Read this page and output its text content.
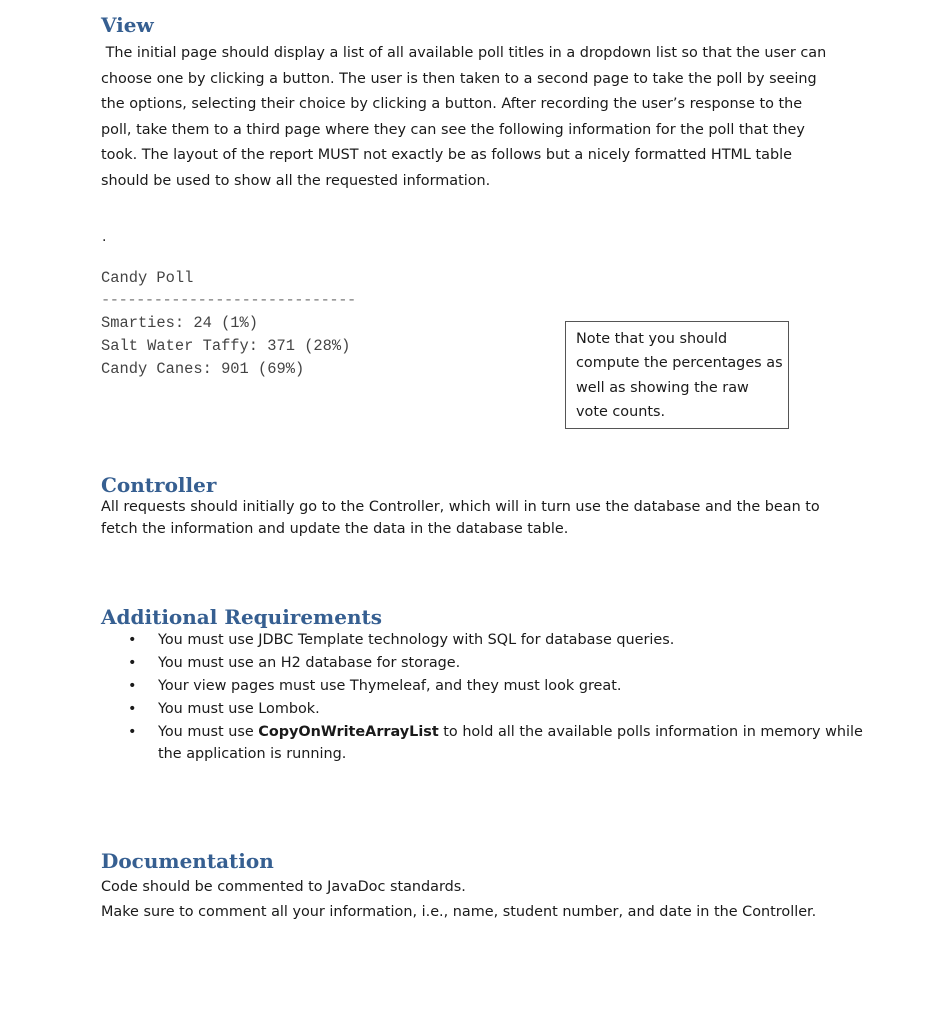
View

The initial page should display a list of all available poll titles in a dropdown list so that the user can
choose one by clicking a button. The user is then taken to a second page to take the poll by seeing
the options, selecting their choice by clicking a button. After recording the user’s response to the
poll, take them to a third page where they can see the following information for the poll that they
took. The layout of the report MUST not exactly be as follows but a nicely formatted HTML table
should be used to show all the requested information.

.
Candy Poll
-----------------------------
Smarties: 24 (1%)
Salt Water Taffy: 371 (28%)
Candy Canes: 901 (69%)
Note that you should
compute the percentages as
well as showing the raw
vote counts.
Controller

All requests should initially go to the Controller, which will in turn use the database and the bean to
fetch the information and update the data in the database table.

Additional Requirements
• You must use JDBC Template technology with SQL for database queries.
• You must use an H2 database for storage.
• Your view pages must use Thymeleaf, and they must look great.
• You must use Lombok.
• You must use CopyOnWriteArrayList to hold all the available polls information in memory while
the application is running.
Documentation

Code should be commented to JavaDoc standards.
Make sure to comment all your information, i.e., name, student number, and date in the Controller.
